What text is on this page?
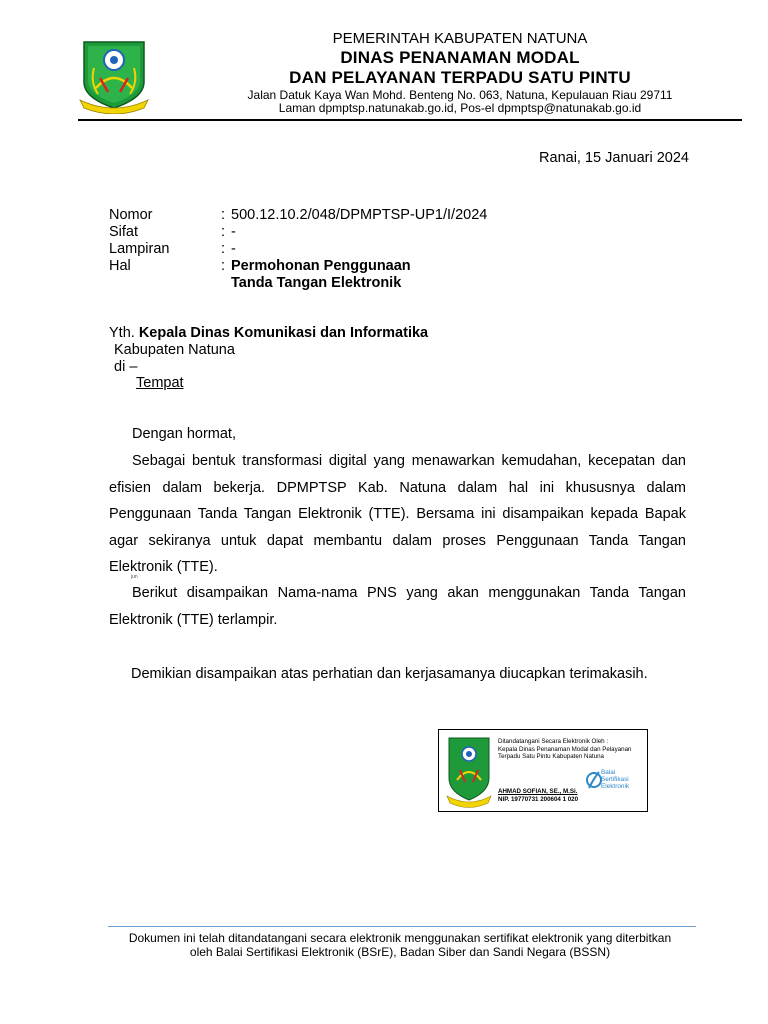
PEMERINTAH KABUPATEN NATUNA
DINAS PENANAMAN MODAL
DAN PELAYANAN TERPADU SATU PINTU
Jalan Datuk Kaya Wan Mohd. Benteng No. 063, Natuna, Kepulauan Riau 29711
Laman dpmptsp.natunakab.go.id, Pos-el dpmptsp@natunakab.go.id
Ranai, 15 Januari 2024
Nomor	: 500.12.10.2/048/DPMPTSP-UP1/I/2024
Sifat	: -
Lampiran	: -
Hal	: Permohonan Penggunaan
Tanda Tangan Elektronik
Yth. Kepala Dinas Komunikasi dan Informatika
Kabupaten Natuna
di –
Tempat
Dengan hormat,
Sebagai bentuk transformasi digital yang menawarkan kemudahan, kecepatan dan efisien dalam bekerja. DPMPTSP Kab. Natuna dalam hal ini khususnya dalam Penggunaan Tanda Tangan Elektronik (TTE). Bersama ini disampaikan kepada Bapak agar sekiranya untuk dapat membantu dalam proses Penggunaan Tanda Tangan Elektronik (TTE).
jun
Berikut disampaikan Nama-nama PNS yang akan menggunakan Tanda Tangan Elektronik (TTE) terlampir.
Demikian disampaikan atas perhatian dan kerjasamanya diucapkan terimakasih.
Ditandatangani Secara Elektronik Oleh :
Kepala Dinas Penanaman Modal dan Pelayanan
Terpadu Satu Pintu Kabupaten Natuna
Balai
Sertifikasi
Elektronik
AHMAD SOFIAN, SE., M.Si.
NIP. 19770731 200604 1 020
Dokumen ini telah ditandatangani secara elektronik menggunakan sertifikat elektronik yang diterbitkan
oleh Balai Sertifikasi Elektronik (BSrE), Badan Siber dan Sandi Negara (BSSN)
